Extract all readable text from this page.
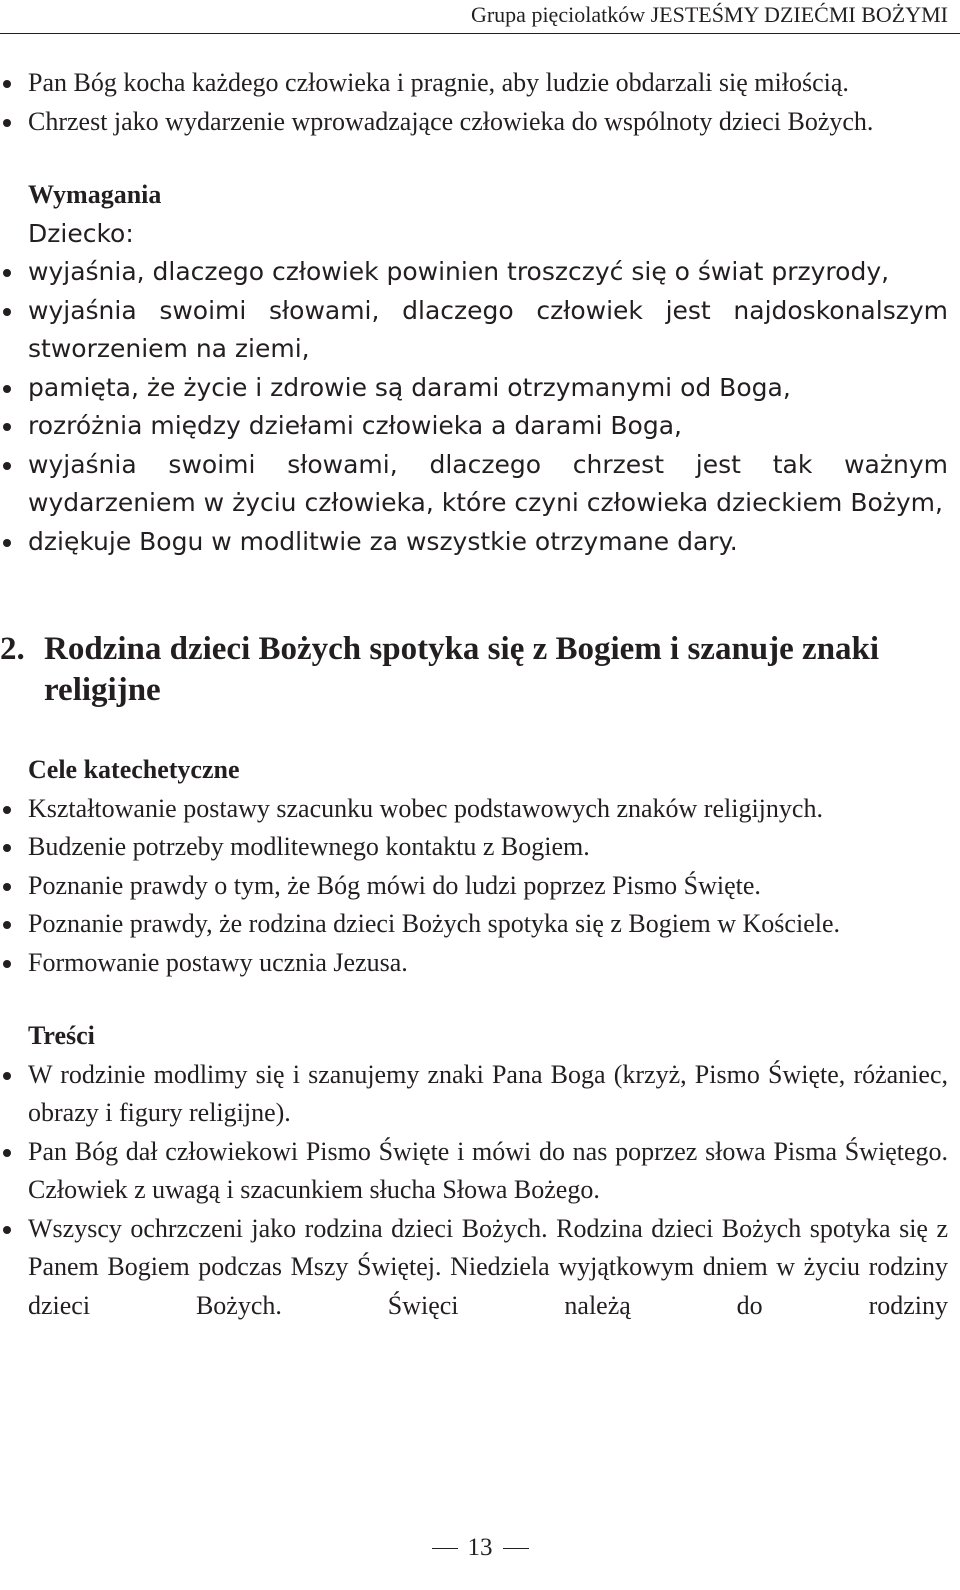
Grupa pięciolatków JESTEŚMY DZIEĆMI BOŻYMI
Pan Bóg kocha każdego człowieka i pragnie, aby ludzie obdarzali się miłością.
Chrzest jako wydarzenie wprowadzające człowieka do wspólnoty dzieci Bożych.
Wymagania
Dziecko:
wyjaśnia, dlaczego człowiek powinien troszczyć się o świat przyrody,
wyjaśnia swoimi słowami, dlaczego człowiek jest najdoskonalszym stworzeniem na ziemi,
pamięta, że życie i zdrowie są darami otrzymanymi od Boga,
rozróżnia między dziełami człowieka a darami Boga,
wyjaśnia swoimi słowami, dlaczego chrzest jest tak ważnym wydarzeniem w życiu człowieka, które czyni człowieka dzieckiem Bożym,
dziękuje Bogu w modlitwie za wszystkie otrzymane dary.
2. Rodzina dzieci Bożych spotyka się z Bogiem i szanuje znaki religijne
Cele katechetyczne
Kształtowanie postawy szacunku wobec podstawowych znaków religijnych.
Budzenie potrzeby modlitewnego kontaktu z Bogiem.
Poznanie prawdy o tym, że Bóg mówi do ludzi poprzez Pismo Święte.
Poznanie prawdy, że rodzina dzieci Bożych spotyka się z Bogiem w Kościele.
Formowanie postawy ucznia Jezusa.
Treści
W rodzinie modlimy się i szanujemy znaki Pana Boga (krzyż, Pismo Święte, różaniec, obrazy i figury religijne).
Pan Bóg dał człowiekowi Pismo Święte i mówi do nas poprzez słowa Pisma Świętego. Człowiek z uwagą i szacunkiem słucha Słowa Bożego.
Wszyscy ochrzczeni jako rodzina dzieci Bożych. Rodzina dzieci Bożych spotyka się z Panem Bogiem podczas Mszy Świętej. Niedziela wyjątkowym dniem w życiu rodziny dzieci Bożych. Święci należą do rodziny
13
